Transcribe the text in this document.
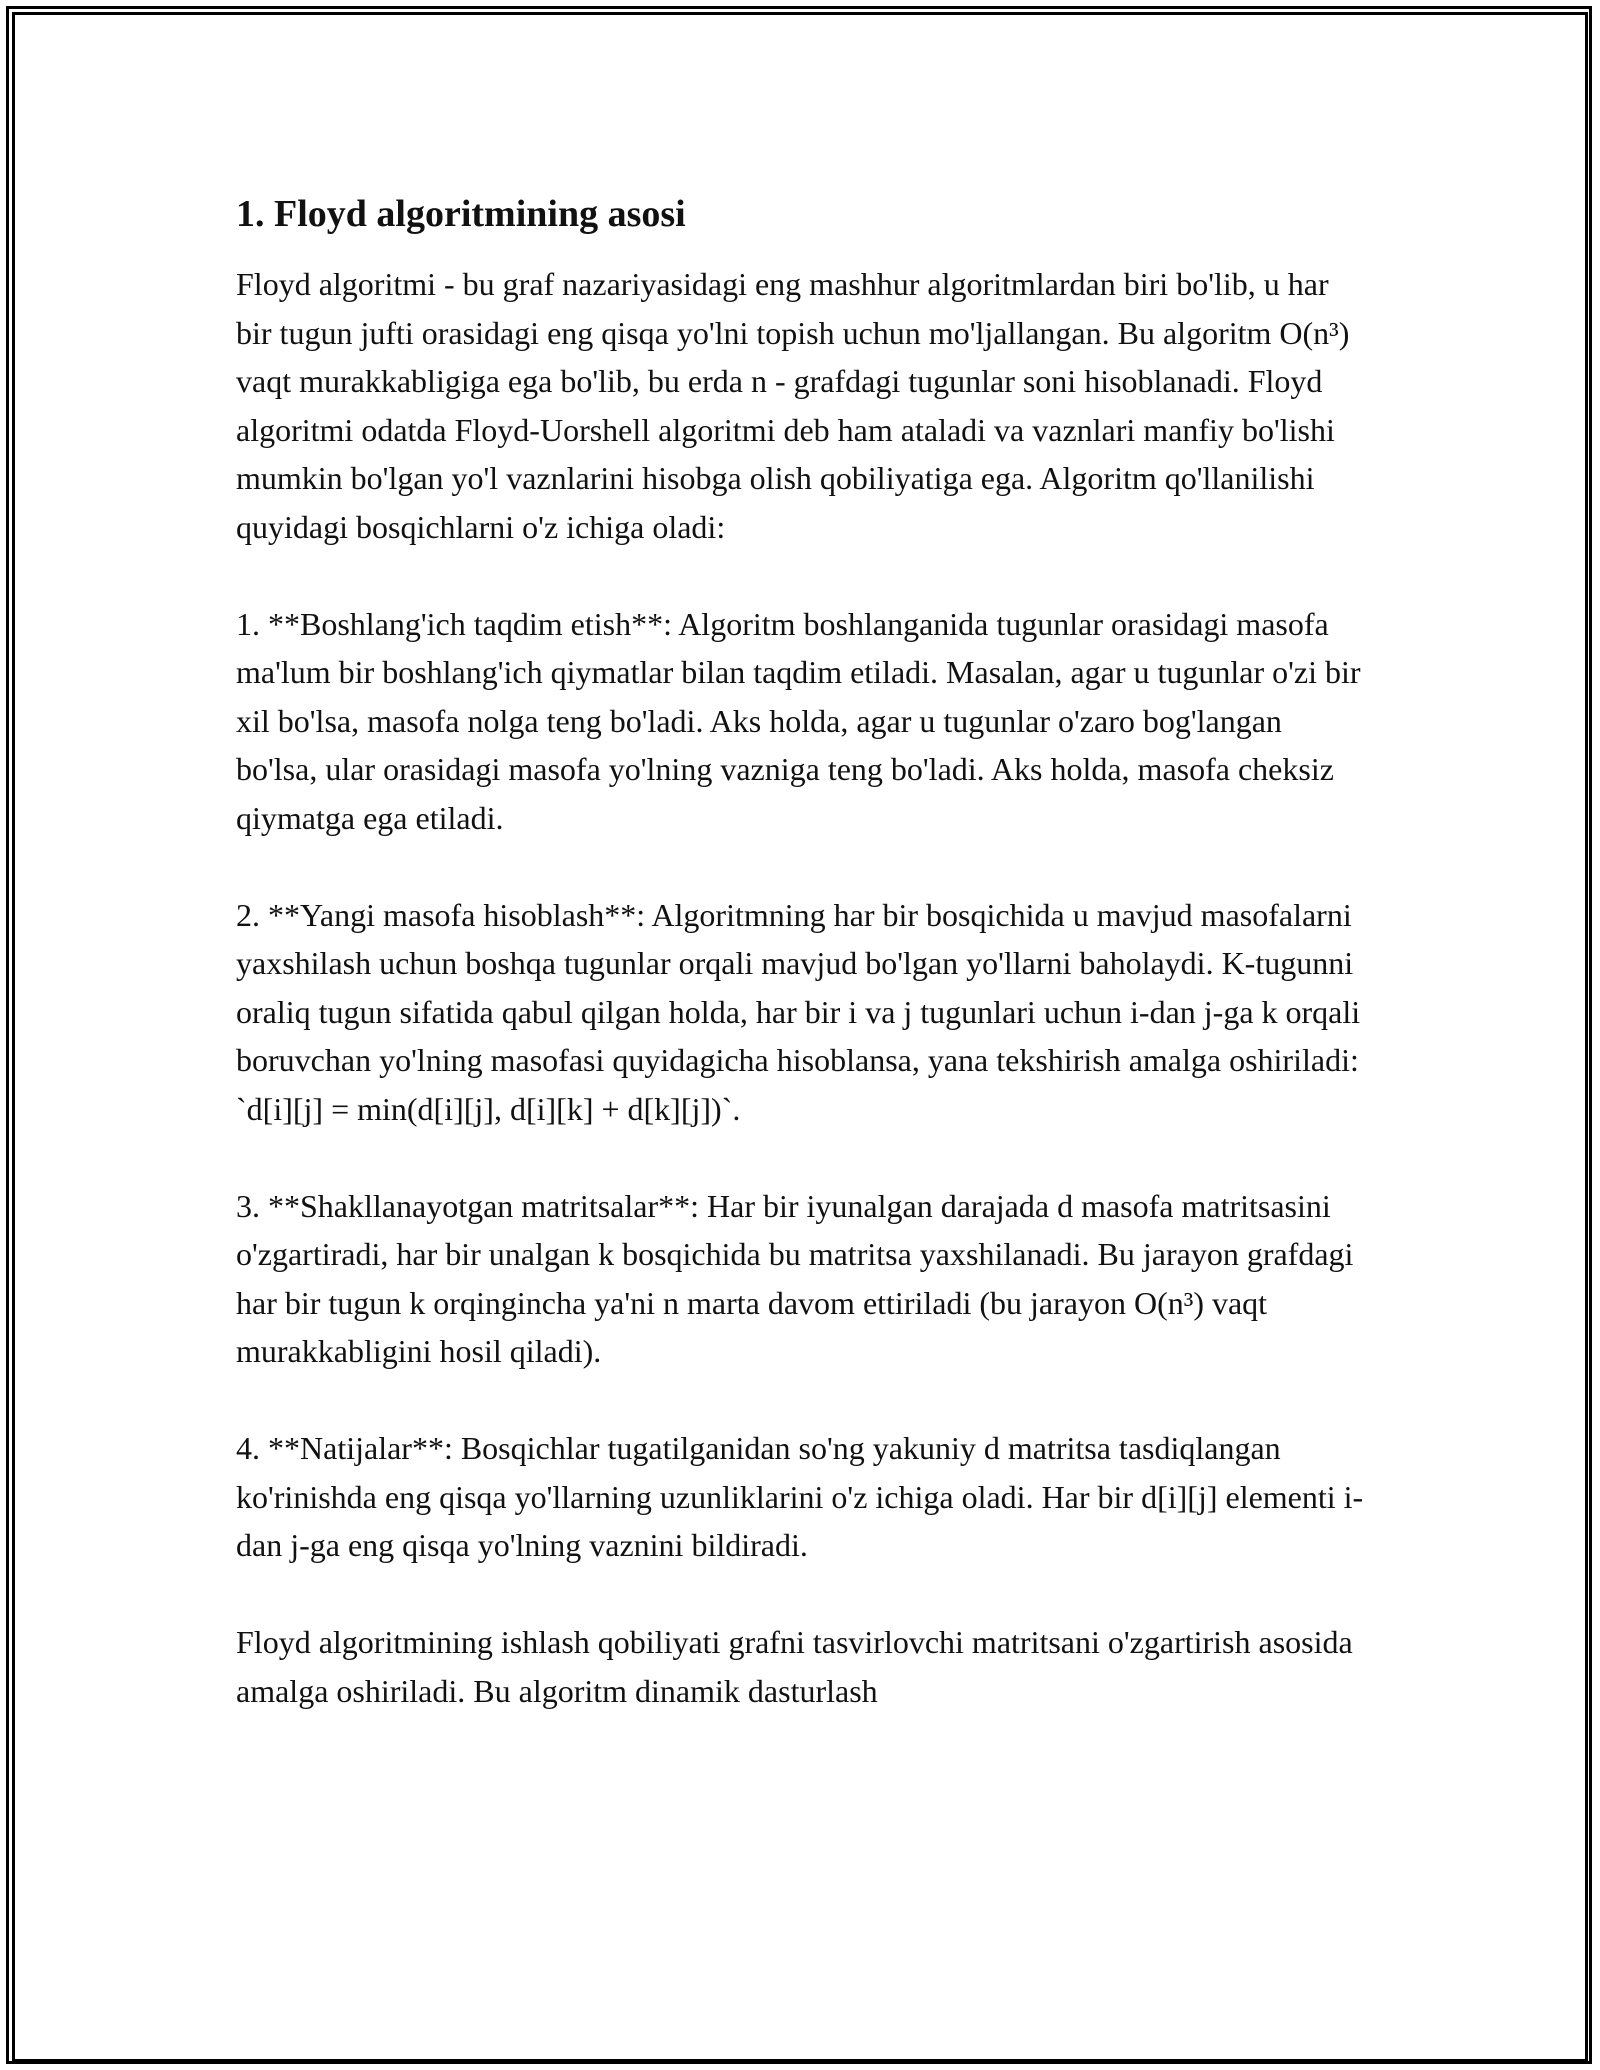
1. Floyd algoritmining asosi

Floyd algoritmi - bu graf nazariyasidagi eng mashhur algoritmlardan biri bo'lib, u har bir tugun jufti orasidagi eng qisqa yo'lni topish uchun mo'ljallangan. Bu algoritm O(n³) vaqt murakkabligiga ega bo'lib, bu erda n - grafdagi tugunlar soni hisoblanadi. Floyd algoritmi odatda Floyd-Uorshell algoritmi deb ham ataladi va vaznlari manfiy bo'lishi mumkin bo'lgan yo'l vaznlarini hisobga olish qobiliyatiga ega. Algoritm qo'llanilishi quyidagi bosqichlarni o'z ichiga oladi:

1. **Boshlang'ich taqdim etish**: Algoritm boshlanganida tugunlar orasidagi masofa ma'lum bir boshlang'ich qiymatlar bilan taqdim etiladi. Masalan, agar u tugunlar o'zi bir xil bo'lsa, masofa nolga teng bo'ladi. Aks holda, agar u tugunlar o'zaro bog'langan bo'lsa, ular orasidagi masofa yo'lning vazniga teng bo'ladi. Aks holda, masofa cheksiz qiymatga ega etiladi.

2. **Yangi masofa hisoblash**: Algoritmning har bir bosqichida u mavjud masofalarni yaxshilash uchun boshqa tugunlar orqali mavjud bo'lgan yo'llarni baholaydi. K-tugunni oraliq tugun sifatida qabul qilgan holda, har bir i va j tugunlari uchun i-dan j-ga k orqali boruvchan yo'lning masofasi quyidagicha hisoblansa, yana tekshirish amalga oshiriladi: `d[i][j] = min(d[i][j], d[i][k] + d[k][j])`.

3. **Shakllanayotgan matritsalar**: Har bir iyunalgan darajada d masofa matritsasini o'zgartiradi, har bir unalgan k bosqichida bu matritsa yaxshilanadi. Bu jarayon grafdagi har bir tugun k orqingincha ya'ni n marta davom ettiriladi (bu jarayon O(n³) vaqt murakkabligini hosil qiladi).

4. **Natijalar**: Bosqichlar tugatilganidan so'ng yakuniy d matritsa tasdiqlangan ko'rinishda eng qisqa yo'llarning uzunliklarini o'z ichiga oladi. Har bir d[i][j] elementi i-dan j-ga eng qisqa yo'lning vaznini bildiradi.

Floyd algoritmining ishlash qobiliyati grafni tasvirlovchi matritsani o'zgartirish asosida amalga oshiriladi. Bu algoritm dinamik dasturlash
